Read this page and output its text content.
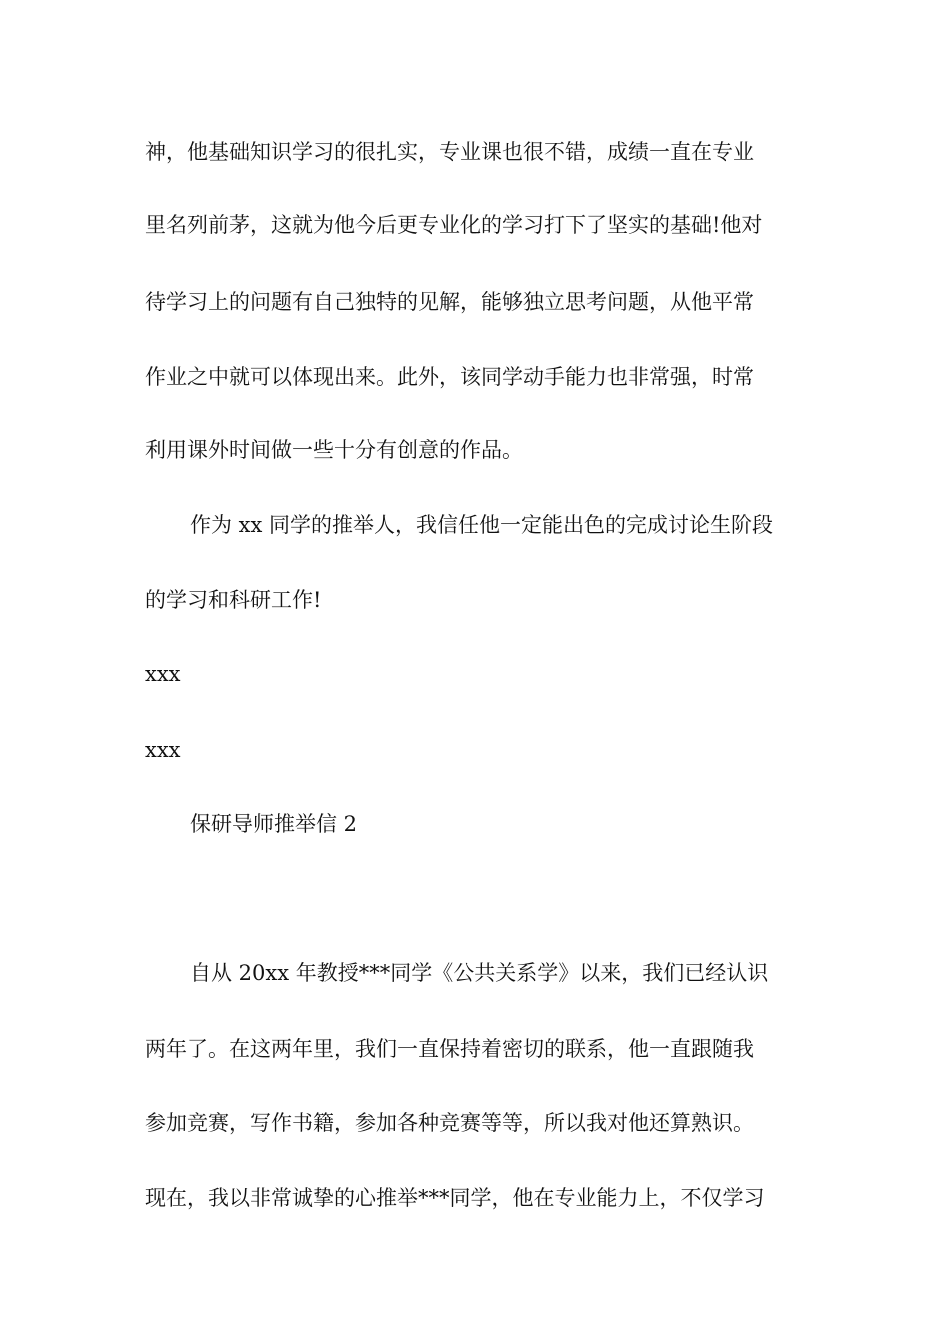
神，他基础知识学习的很扎实，专业课也很不错，成绩一直在专业
里名列前茅，这就为他今后更专业化的学习打下了坚实的基础!他对
待学习上的问题有自己独特的见解，能够独立思考问题，从他平常
作业之中就可以体现出来。此外，该同学动手能力也非常强，时常
利用课外时间做一些十分有创意的作品。
作为 xx 同学的推举人，我信任他一定能出色的完成讨论生阶段
的学习和科研工作!
xxx
xxx
保研导师推举信 2
自从 20xx 年教授***同学《公共关系学》以来，我们已经认识
两年了。在这两年里，我们一直保持着密切的联系，他一直跟随我
参加竞赛，写作书籍，参加各种竞赛等等，所以我对他还算熟识。
现在，我以非常诚挚的心推举***同学，他在专业能力上，不仅学习
